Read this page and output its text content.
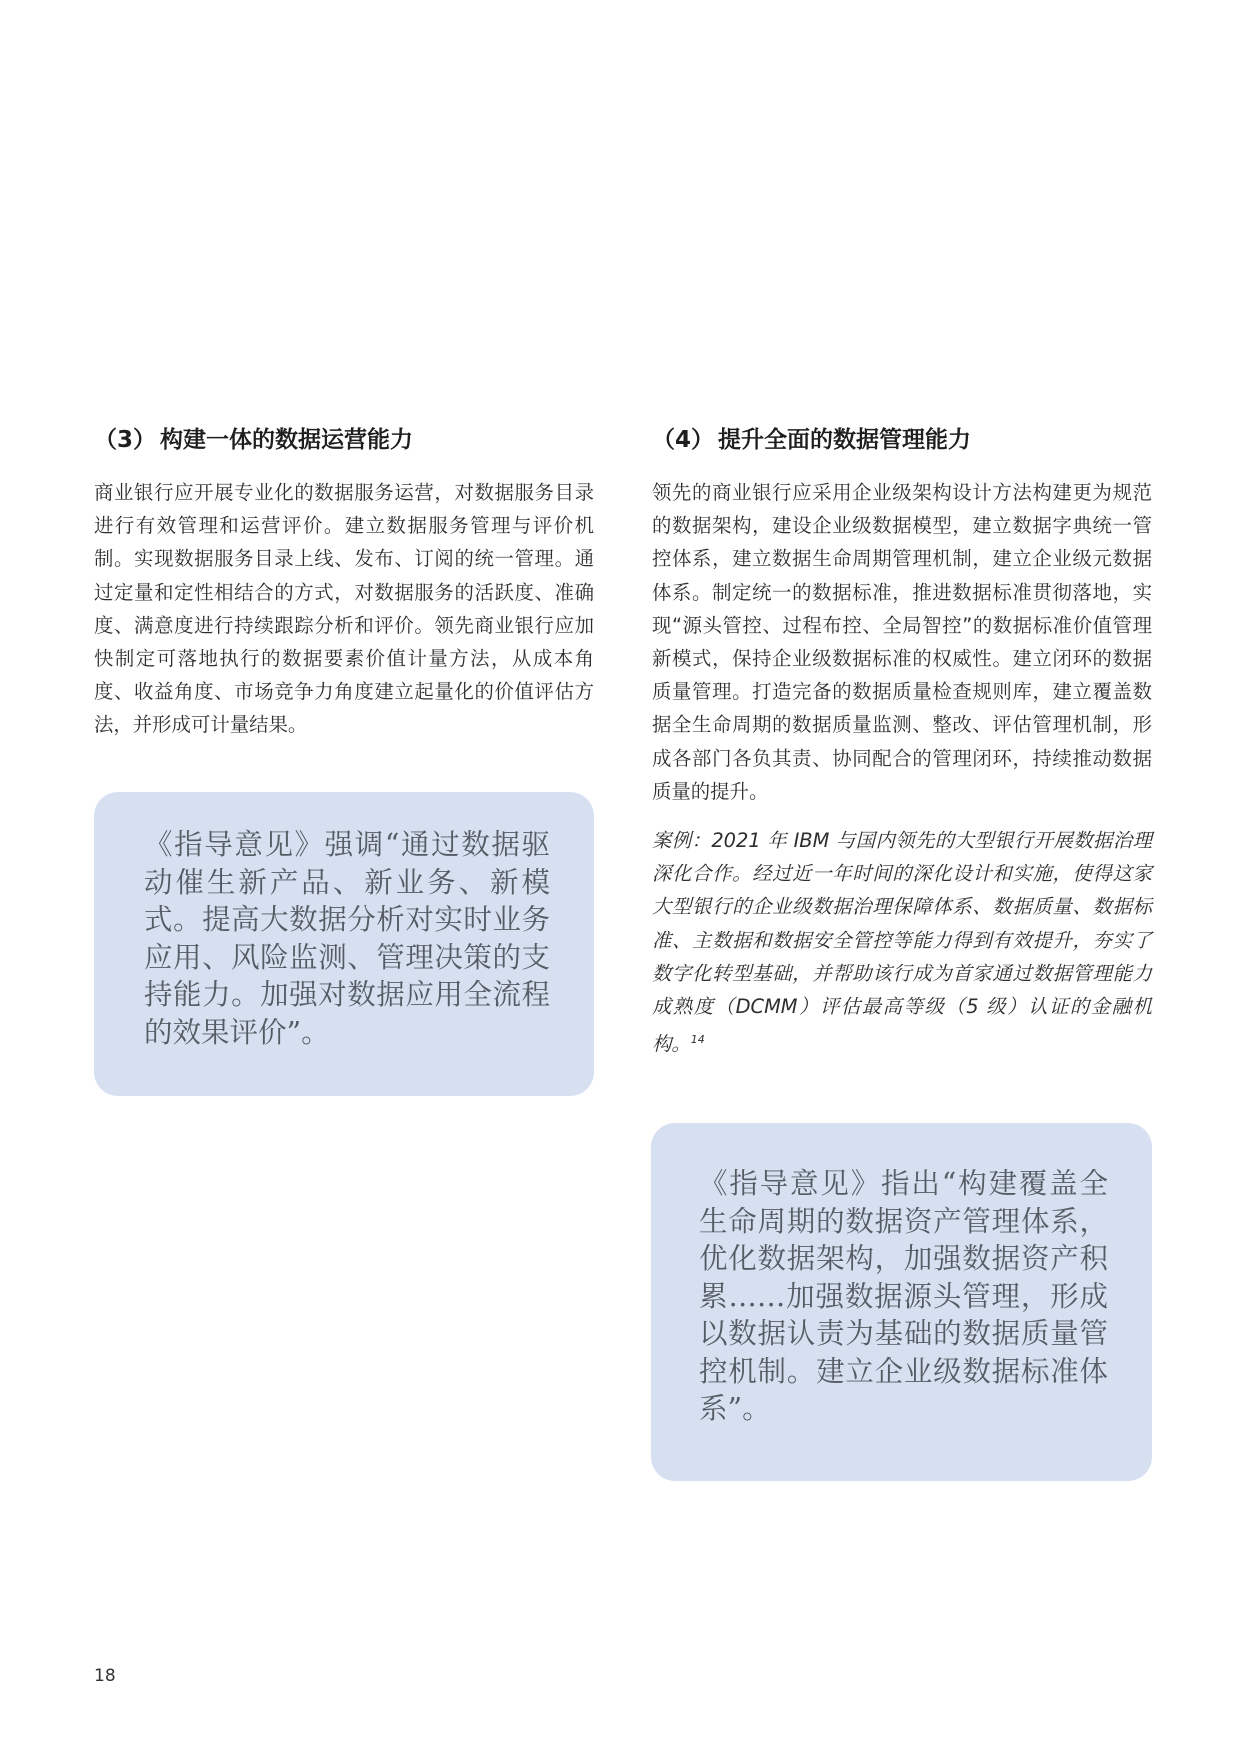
（3） 构建一体的数据运营能力

商业银行应开展专业化的数据服务运营，对数据服务目录进行有效管理和运营评价。建立数据服务管理与评价机制。实现数据服务目录上线、发布、订阅的统一管理。通过定量和定性相结合的方式，对数据服务的活跃度、准确度、满意度进行持续跟踪分析和评价。领先商业银行应加快制定可落地执行的数据要素价值计量方法，从成本角度、收益角度、市场竞争力角度建立起量化的价值评估方法，并形成可计量结果。

《指导意见》强调“通过数据驱动催生新产品、新业务、新模式。提高大数据分析对实时业务应用、风险监测、管理决策的支持能力。加强对数据应用全流程的效果评价”。

（4） 提升全面的数据管理能力

领先的商业银行应采用企业级架构设计方法构建更为规范的数据架构，建设企业级数据模型，建立数据字典统一管控体系，建立数据生命周期管理机制，建立企业级元数据体系。制定统一的数据标准，推进数据标准贯彻落地，实现“源头管控、过程布控、全局智控”的数据标准价值管理新模式，保持企业级数据标准的权威性。建立闭环的数据质量管理。打造完备的数据质量检查规则库，建立覆盖数据全生命周期的数据质量监测、整改、评估管理机制，形成各部门各负其责、协同配合的管理闭环，持续推动数据质量的提升。

案例：2021 年 IBM 与国内领先的大型银行开展数据治理深化合作。经过近一年时间的深化设计和实施，使得这家大型银行的企业级数据治理保障体系、数据质量、数据标准、主数据和数据安全管控等能力得到有效提升，夯实了数字化转型基础，并帮助该行成为首家通过数据管理能力成熟度（DCMM）评估最高等级（5 级）认证的金融机构。$^{14}$

《指导意见》指出“构建覆盖全生命周期的数据资产管理体系，优化数据架构，加强数据资产积累……加强数据源头管理，形成以数据认责为基础的数据质量管控机制。建立企业级数据标准体系”。

18
